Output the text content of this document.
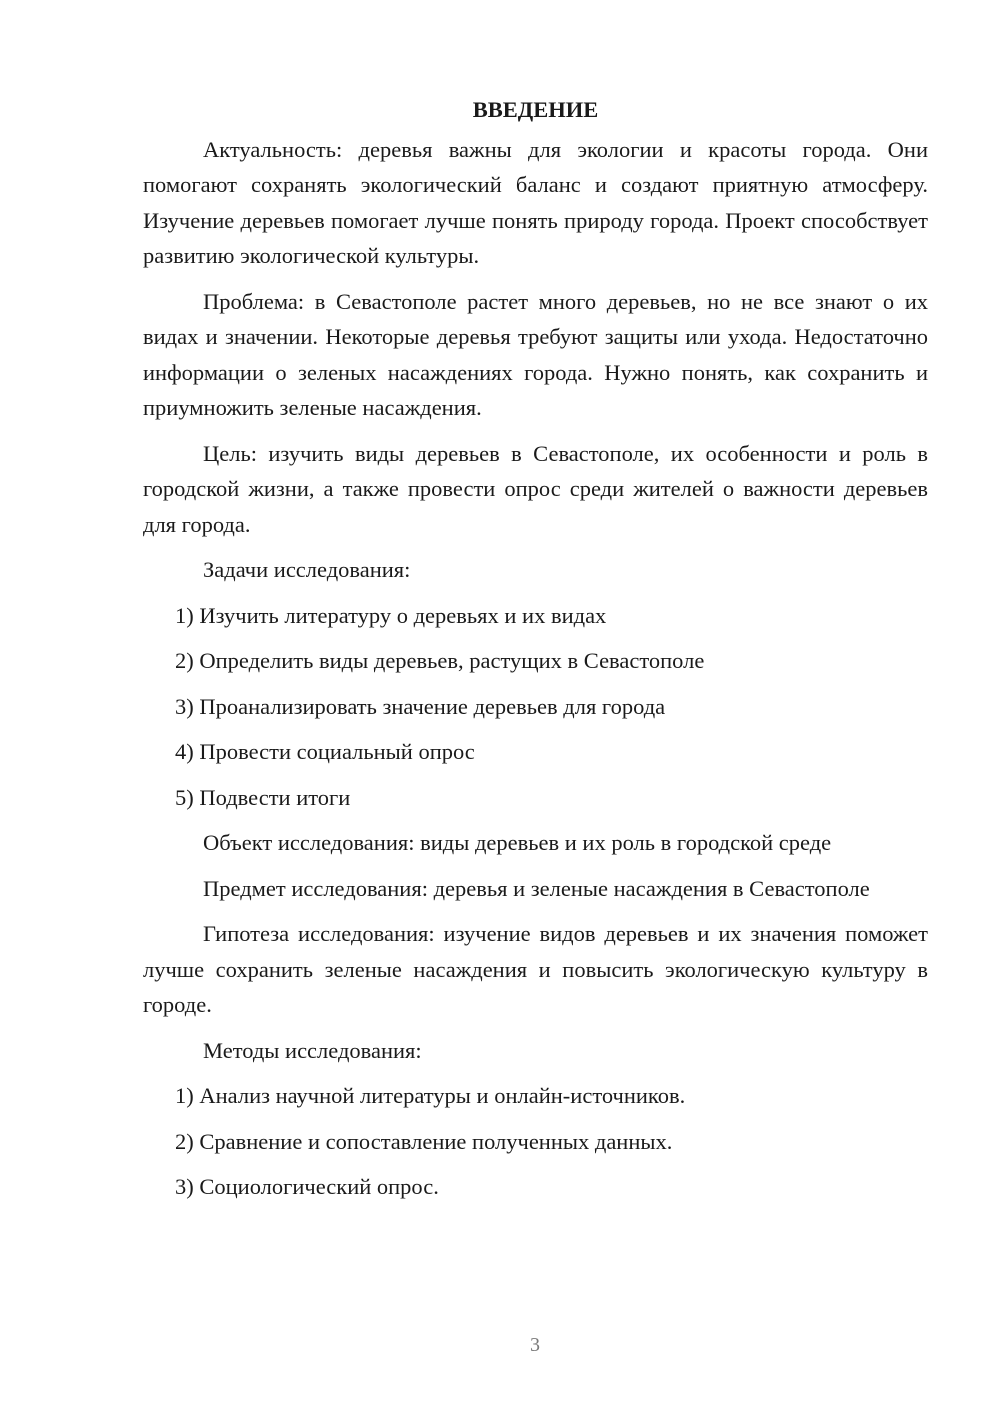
ВВЕДЕНИЕ

Актуальность: деревья важны для экологии и красоты города. Они помогают сохранять экологический баланс и создают приятную атмосферу. Изучение деревьев помогает лучше понять природу города. Проект способствует развитию экологической культуры.

Проблема: в Севастополе растет много деревьев, но не все знают о их видах и значении. Некоторые деревья требуют защиты или ухода. Недостаточно информации о зеленых насаждениях города. Нужно понять, как сохранить и приумножить зеленые насаждения.

Цель: изучить виды деревьев в Севастополе, их особенности и роль в городской жизни, а также провести опрос среди жителей о важности деревьев для города.

Задачи исследования:

1) Изучить литературу о деревьях и их видах

2) Определить виды деревьев, растущих в Севастополе

3) Проанализировать значение деревьев для города

4) Провести социальный опрос

5) Подвести итоги

Объект исследования: виды деревьев и их роль в городской среде

Предмет исследования: деревья и зеленые насаждения в Севастополе

Гипотеза исследования: изучение видов деревьев и их значения поможет лучше сохранить зеленые насаждения и повысить экологическую культуру в городе.

Методы исследования:

1) Анализ научной литературы и онлайн-источников.

2) Сравнение и сопоставление полученных данных.

3) Социологический опрос.

3
